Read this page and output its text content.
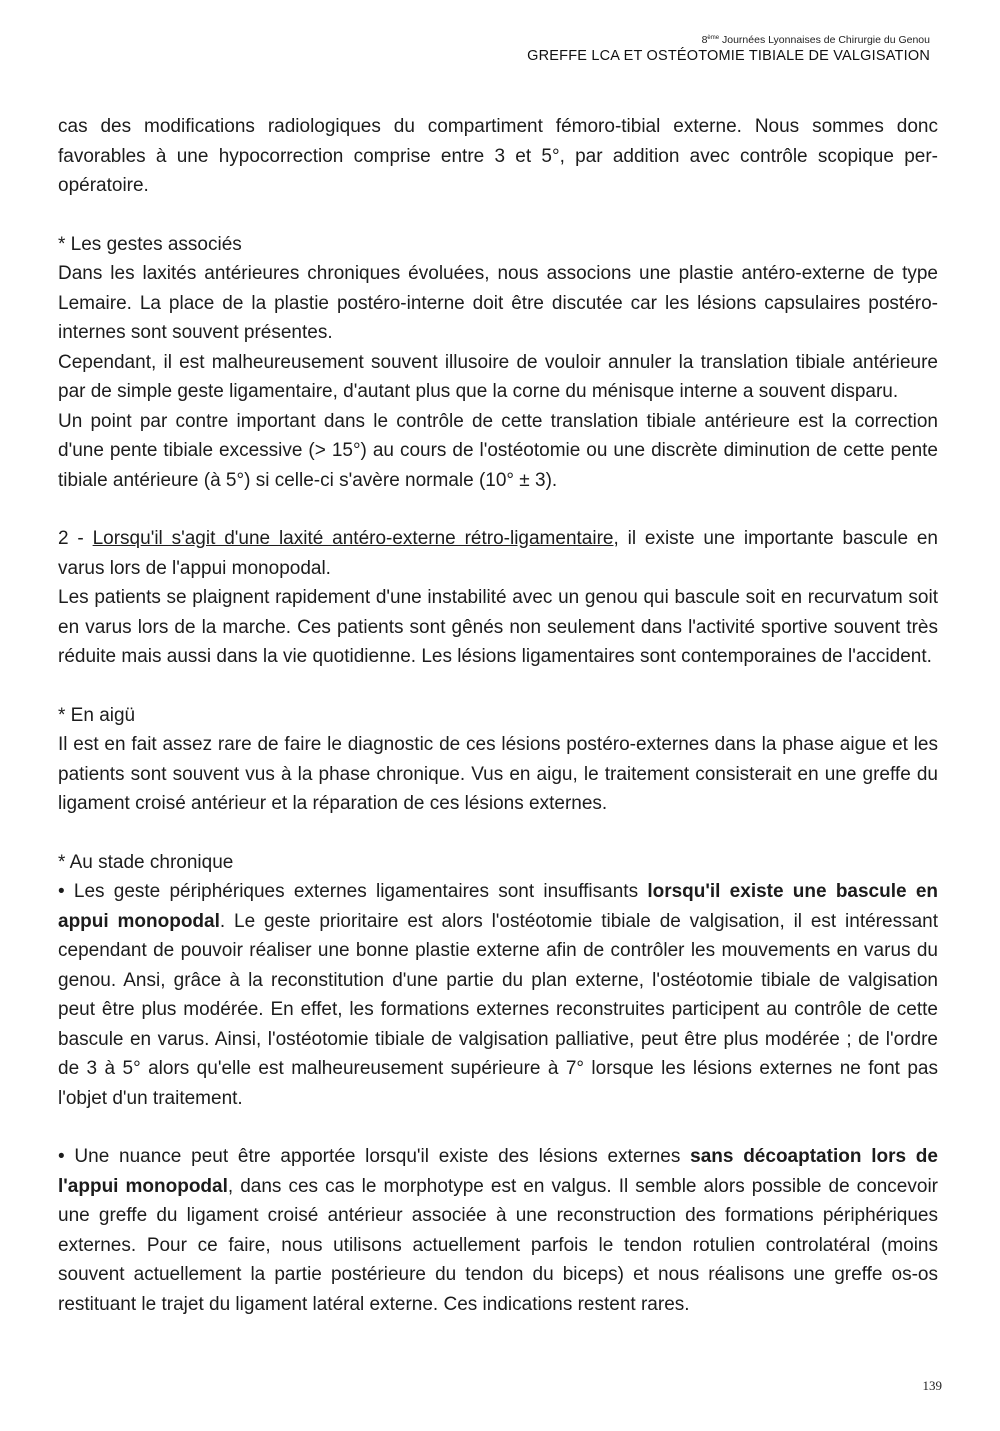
8ème Journées Lyonnaises de Chirurgie du Genou
GREFFE LCA ET OSTÉOTOMIE TIBIALE DE VALGISATION

cas des modifications radiologiques du compartiment fémoro-tibial externe. Nous sommes donc favorables à une hypocorrection comprise entre 3 et 5°, par addition avec contrôle scopique per-opératoire.

* Les gestes associés

Dans les laxités antérieures chroniques évoluées, nous associons une plastie antéro-externe de type Lemaire. La place de la plastie postéro-interne doit être discutée car les lésions capsulaires postéro-internes sont souvent présentes.

Cependant, il est malheureusement souvent illusoire de vouloir annuler la translation tibiale antérieure par de simple geste ligamentaire, d'autant plus que la corne du ménisque interne a souvent disparu.

Un point par contre important dans le contrôle de cette translation tibiale antérieure est la correction d'une pente tibiale excessive (> 15°) au cours de l'ostéotomie ou une discrète diminution de cette pente tibiale antérieure (à 5°) si celle-ci s'avère normale (10° ± 3).

2 - Lorsqu'il s'agit d'une laxité antéro-externe rétro-ligamentaire, il existe une importante bascule en varus lors de l'appui monopodal.

Les patients se plaignent rapidement d'une instabilité avec un genou qui bascule soit en recurvatum soit en varus lors de la marche. Ces patients sont gênés non seulement dans l'activité sportive souvent très réduite mais aussi dans la vie quotidienne. Les lésions ligamentaires sont contemporaines de l'accident.

* En aigü

Il est en fait assez rare de faire le diagnostic de ces lésions postéro-externes dans la phase aigue et les patients sont souvent vus à la phase chronique. Vus en aigu, le traitement consisterait en une greffe du ligament croisé antérieur et la réparation de ces lésions externes.

* Au stade chronique

• Les geste périphériques externes ligamentaires sont insuffisants lorsqu'il existe une bascule en appui monopodal. Le geste prioritaire est alors l'ostéotomie tibiale de valgisation, il est intéressant cependant de pouvoir réaliser une bonne plastie externe afin de contrôler les mouvements en varus du genou. Ansi, grâce à la reconstitution d'une partie du plan externe, l'ostéotomie tibiale de valgisation peut être plus modérée. En effet, les formations externes reconstruites participent au contrôle de cette bascule en varus. Ainsi, l'ostéotomie tibiale de valgisation palliative, peut être plus modérée ; de l'ordre de 3 à 5° alors qu'elle est malheureusement supérieure à 7° lorsque les lésions externes ne font pas l'objet d'un traitement.

• Une nuance peut être apportée lorsqu'il existe des lésions externes sans décoaptation lors de l'appui monopodal, dans ces cas le morphotype est en valgus. Il semble alors possible de concevoir une greffe du ligament croisé antérieur associée à une reconstruction des formations périphériques externes. Pour ce faire, nous utilisons actuellement parfois le tendon rotulien controlatéral (moins souvent actuellement la partie postérieure du tendon du biceps) et nous réalisons une greffe os-os restituant le trajet du ligament latéral externe. Ces indications restent rares.

139
